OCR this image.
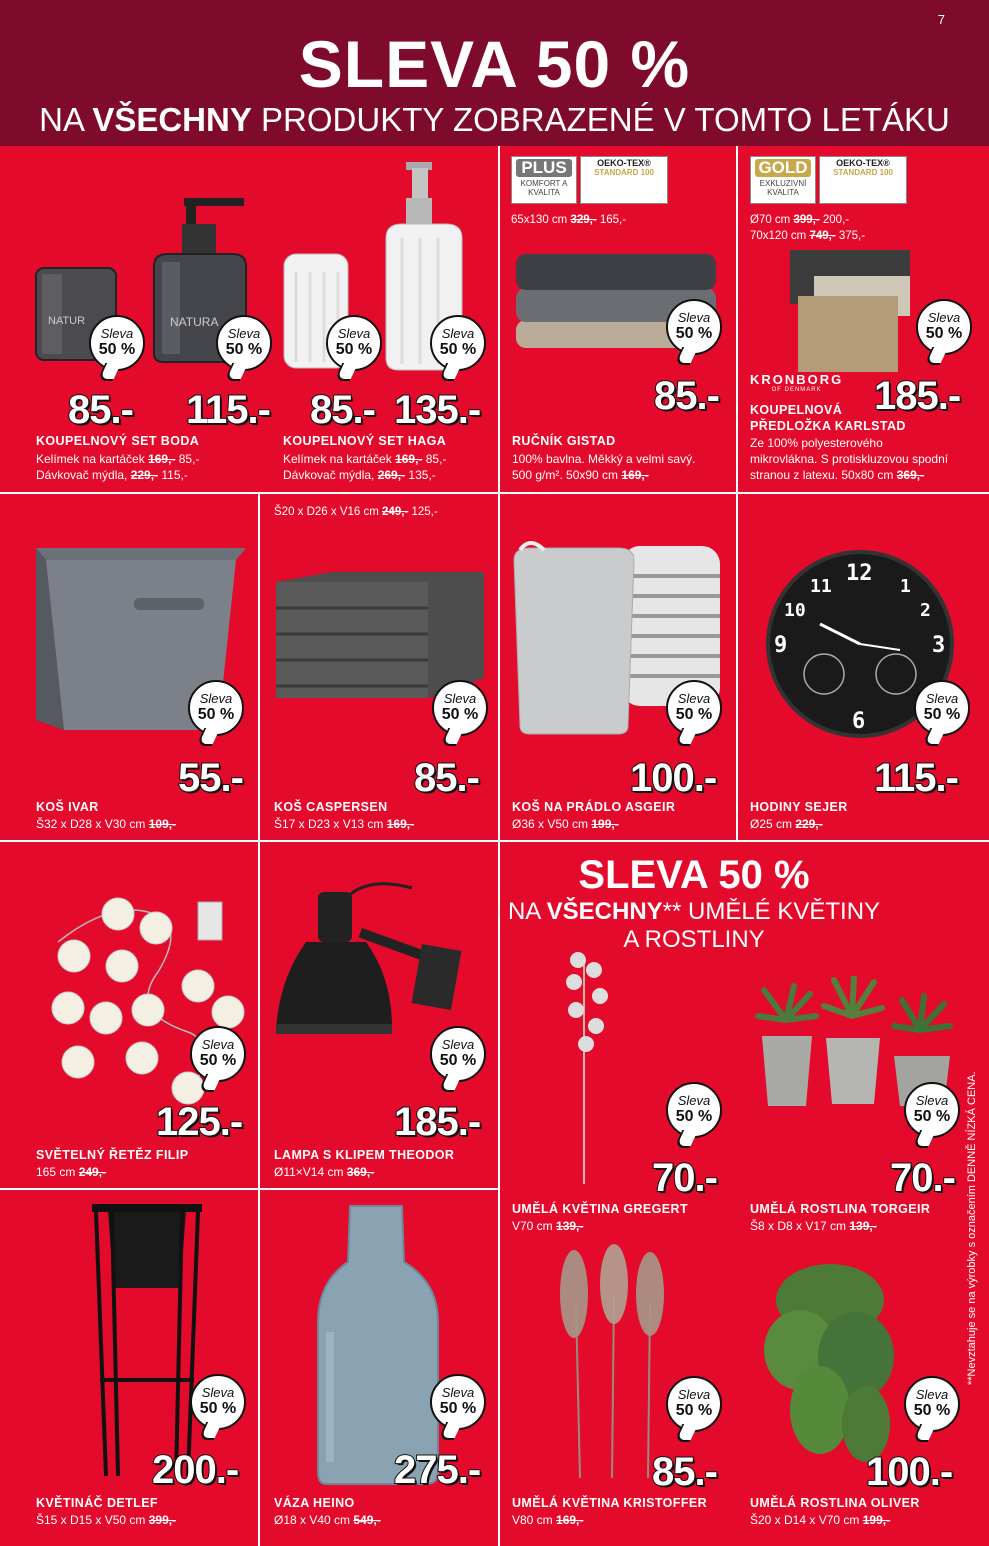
7
SLEVA 50 %
NA VŠECHNY PRODUKTY ZOBRAZENÉ V TOMTO LETÁKU
NATUR	NATURA
Sleva
50 %
Sleva
50 %
Sleva
50 %
Sleva
50 %
85.- 115.- 85.- 135.-
KOUPELNOVÝ SET BODA
Kelímek na kartáček 169,- 85,-
Dávkovač mýdla, 229,- 115,-
KOUPELNOVÝ SET HAGA
Kelímek na kartáček 169,- 85,-
Dávkovač mýdla, 269,- 135,-
PLUS
KOMFORT A KVALITA
OEKO-TEX®
STANDARD 100
65x130 cm 329,- 165,-
Sleva
50 %
85.-
RUČNÍK GISTAD
100% bavlna. Měkký a velmi savý.
500 g/m². 50x90 cm 169,-
GOLD
EXKLUZIVNÍ KVALITA
OEKO-TEX®
STANDARD 100
Ø70 cm 399,- 200,-
70x120 cm 749,- 375,-
KRONBORG
OF DENMARK
Sleva
50 %
185.-
KOUPELNOVÁ
PŘEDLOŽKA KARLSTAD
Ze 100% polyesterového
mikrovlákna. S protiskluzovou spodní
stranou z latexu. 50x80 cm 369,-
Sleva
50 %
55.-
KOŠ IVAR
Š32 x D28 x V30 cm 109,-
Š20 x D26 x V16 cm 249,- 125,-
Sleva
50 %
85.-
KOŠ CASPERSEN
Š17 x D23 x V13 cm 169,-
Sleva
50 %
100.-
KOŠ NA PRÁDLO ASGEIR
Ø36 x V50 cm 199,-
12
3
6
9
1
2
10
11
Sleva
50 %
115.-
HODINY SEJER
Ø25 cm 229,-
Sleva
50 %
125.-
SVĚTELNÝ ŘETĚZ FILIP
165 cm 249,-
Sleva
50 %
185.-
LAMPA S KLIPEM THEODOR
Ø11×V14 cm 369,-
Sleva
50 %
200.-
KVĚTINÁČ DETLEF
Š15 x D15 x V50 cm 399,-
Sleva
50 %
275.-
VÁZA HEINO
Ø18 x V40 cm 549,-
SLEVA 50 %
NA VŠECHNY** UMĚLÉ KVĚTINY
A ROSTLINY
Sleva
50 %
70.-
UMĚLÁ KVĚTINA GREGERT
V70 cm 139,-
Sleva
50 %
70.-
UMĚLÁ ROSTLINA TORGEIR
Š8 x D8 x V17 cm 139,-
Sleva
50 %
85.-
UMĚLÁ KVĚTINA KRISTOFFER
V80 cm 169,-
Sleva
50 %
100.-
UMĚLÁ ROSTLINA OLIVER
Š20 x D14 x V70 cm 199,-
**Nevztahuje se na výrobky s označením DENNĚ NÍZKÁ CENA.
